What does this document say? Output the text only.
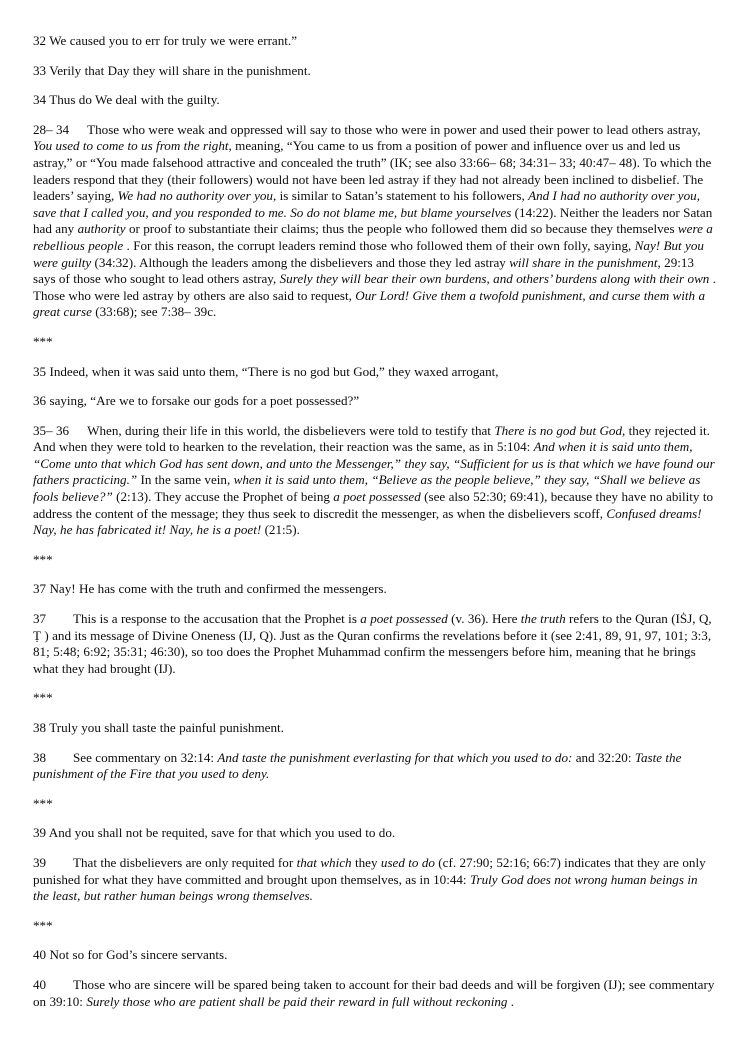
32 We caused you to err for truly we were errant.”

33 Verily that Day they will share in the punishment.

34 Thus do We deal with the guilty.

28– 34 Those who were weak and oppressed will say to those who were in power and used their power to lead others astray, You used to come to us from the right, meaning, “You came to us from a position of power and influence over us and led us astray,” or “You made falsehood attractive and concealed the truth” (IK; see also 33:66– 68; 34:31– 33; 40:47– 48). To which the leaders respond that they (their followers) would not have been led astray if they had not already been inclined to disbelief. The leaders’ saying, We had no authority over you, is similar to Satan’s statement to his followers, And I had no authority over you, save that I called you, and you responded to me. So do not blame me, but blame yourselves (14:22). Neither the leaders nor Satan had any authority or proof to substantiate their claims; thus the people who followed them did so because they themselves were a rebellious people . For this reason, the corrupt leaders remind those who followed them of their own folly, saying, Nay! But you were guilty (34:32). Although the leaders among the disbelievers and those they led astray will share in the punishment, 29:13 says of those who sought to lead others astray, Surely they will bear their own burdens, and others’ burdens along with their own . Those who were led astray by others are also said to request, Our Lord! Give them a twofold punishment, and curse them with a great curse (33:68); see 7:38– 39c.

***

35 Indeed, when it was said unto them, “There is no god but God,” they waxed arrogant,

36 saying, “Are we to forsake our gods for a poet possessed?”

35– 36 When, during their life in this world, the disbelievers were told to testify that There is no god but God, they rejected it. And when they were told to hearken to the revelation, their reaction was the same, as in 5:104: And when it is said unto them, “Come unto that which God has sent down, and unto the Messenger,” they say, “Sufficient for us is that which we have found our fathers practicing.” In the same vein, when it is said unto them, “Believe as the people believe,” they say, “Shall we believe as fools believe?” (2:13). They accuse the Prophet of being a poet possessed (see also 52:30; 69:41), because they have no ability to address the content of the message; they thus seek to discredit the messenger, as when the disbelievers scoff, Confused dreams! Nay, he has fabricated it! Nay, he is a poet! (21:5).

***

37 Nay! He has come with the truth and confirmed the messengers.

37 This is a response to the accusation that the Prophet is a poet possessed (v. 36). Here the truth refers to the Quran (IṠJ, Q, Ṭ ) and its message of Divine Oneness (IJ, Q). Just as the Quran confirms the revelations before it (see 2:41, 89, 91, 97, 101; 3:3, 81; 5:48; 6:92; 35:31; 46:30), so too does the Prophet Muhammad confirm the messengers before him, meaning that he brings what they had brought (IJ).

***

38 Truly you shall taste the painful punishment.

38 See commentary on 32:14: And taste the punishment everlasting for that which you used to do: and 32:20: Taste the punishment of the Fire that you used to deny.

***

39 And you shall not be requited, save for that which you used to do.

39 That the disbelievers are only requited for that which they used to do (cf. 27:90; 52:16; 66:7) indicates that they are only punished for what they have committed and brought upon themselves, as in 10:44: Truly God does not wrong human beings in the least, but rather human beings wrong themselves.

***

40 Not so for God’s sincere servants.

40 Those who are sincere will be spared being taken to account for their bad deeds and will be forgiven (IJ); see commentary on 39:10: Surely those who are patient shall be paid their reward in full without reckoning .
